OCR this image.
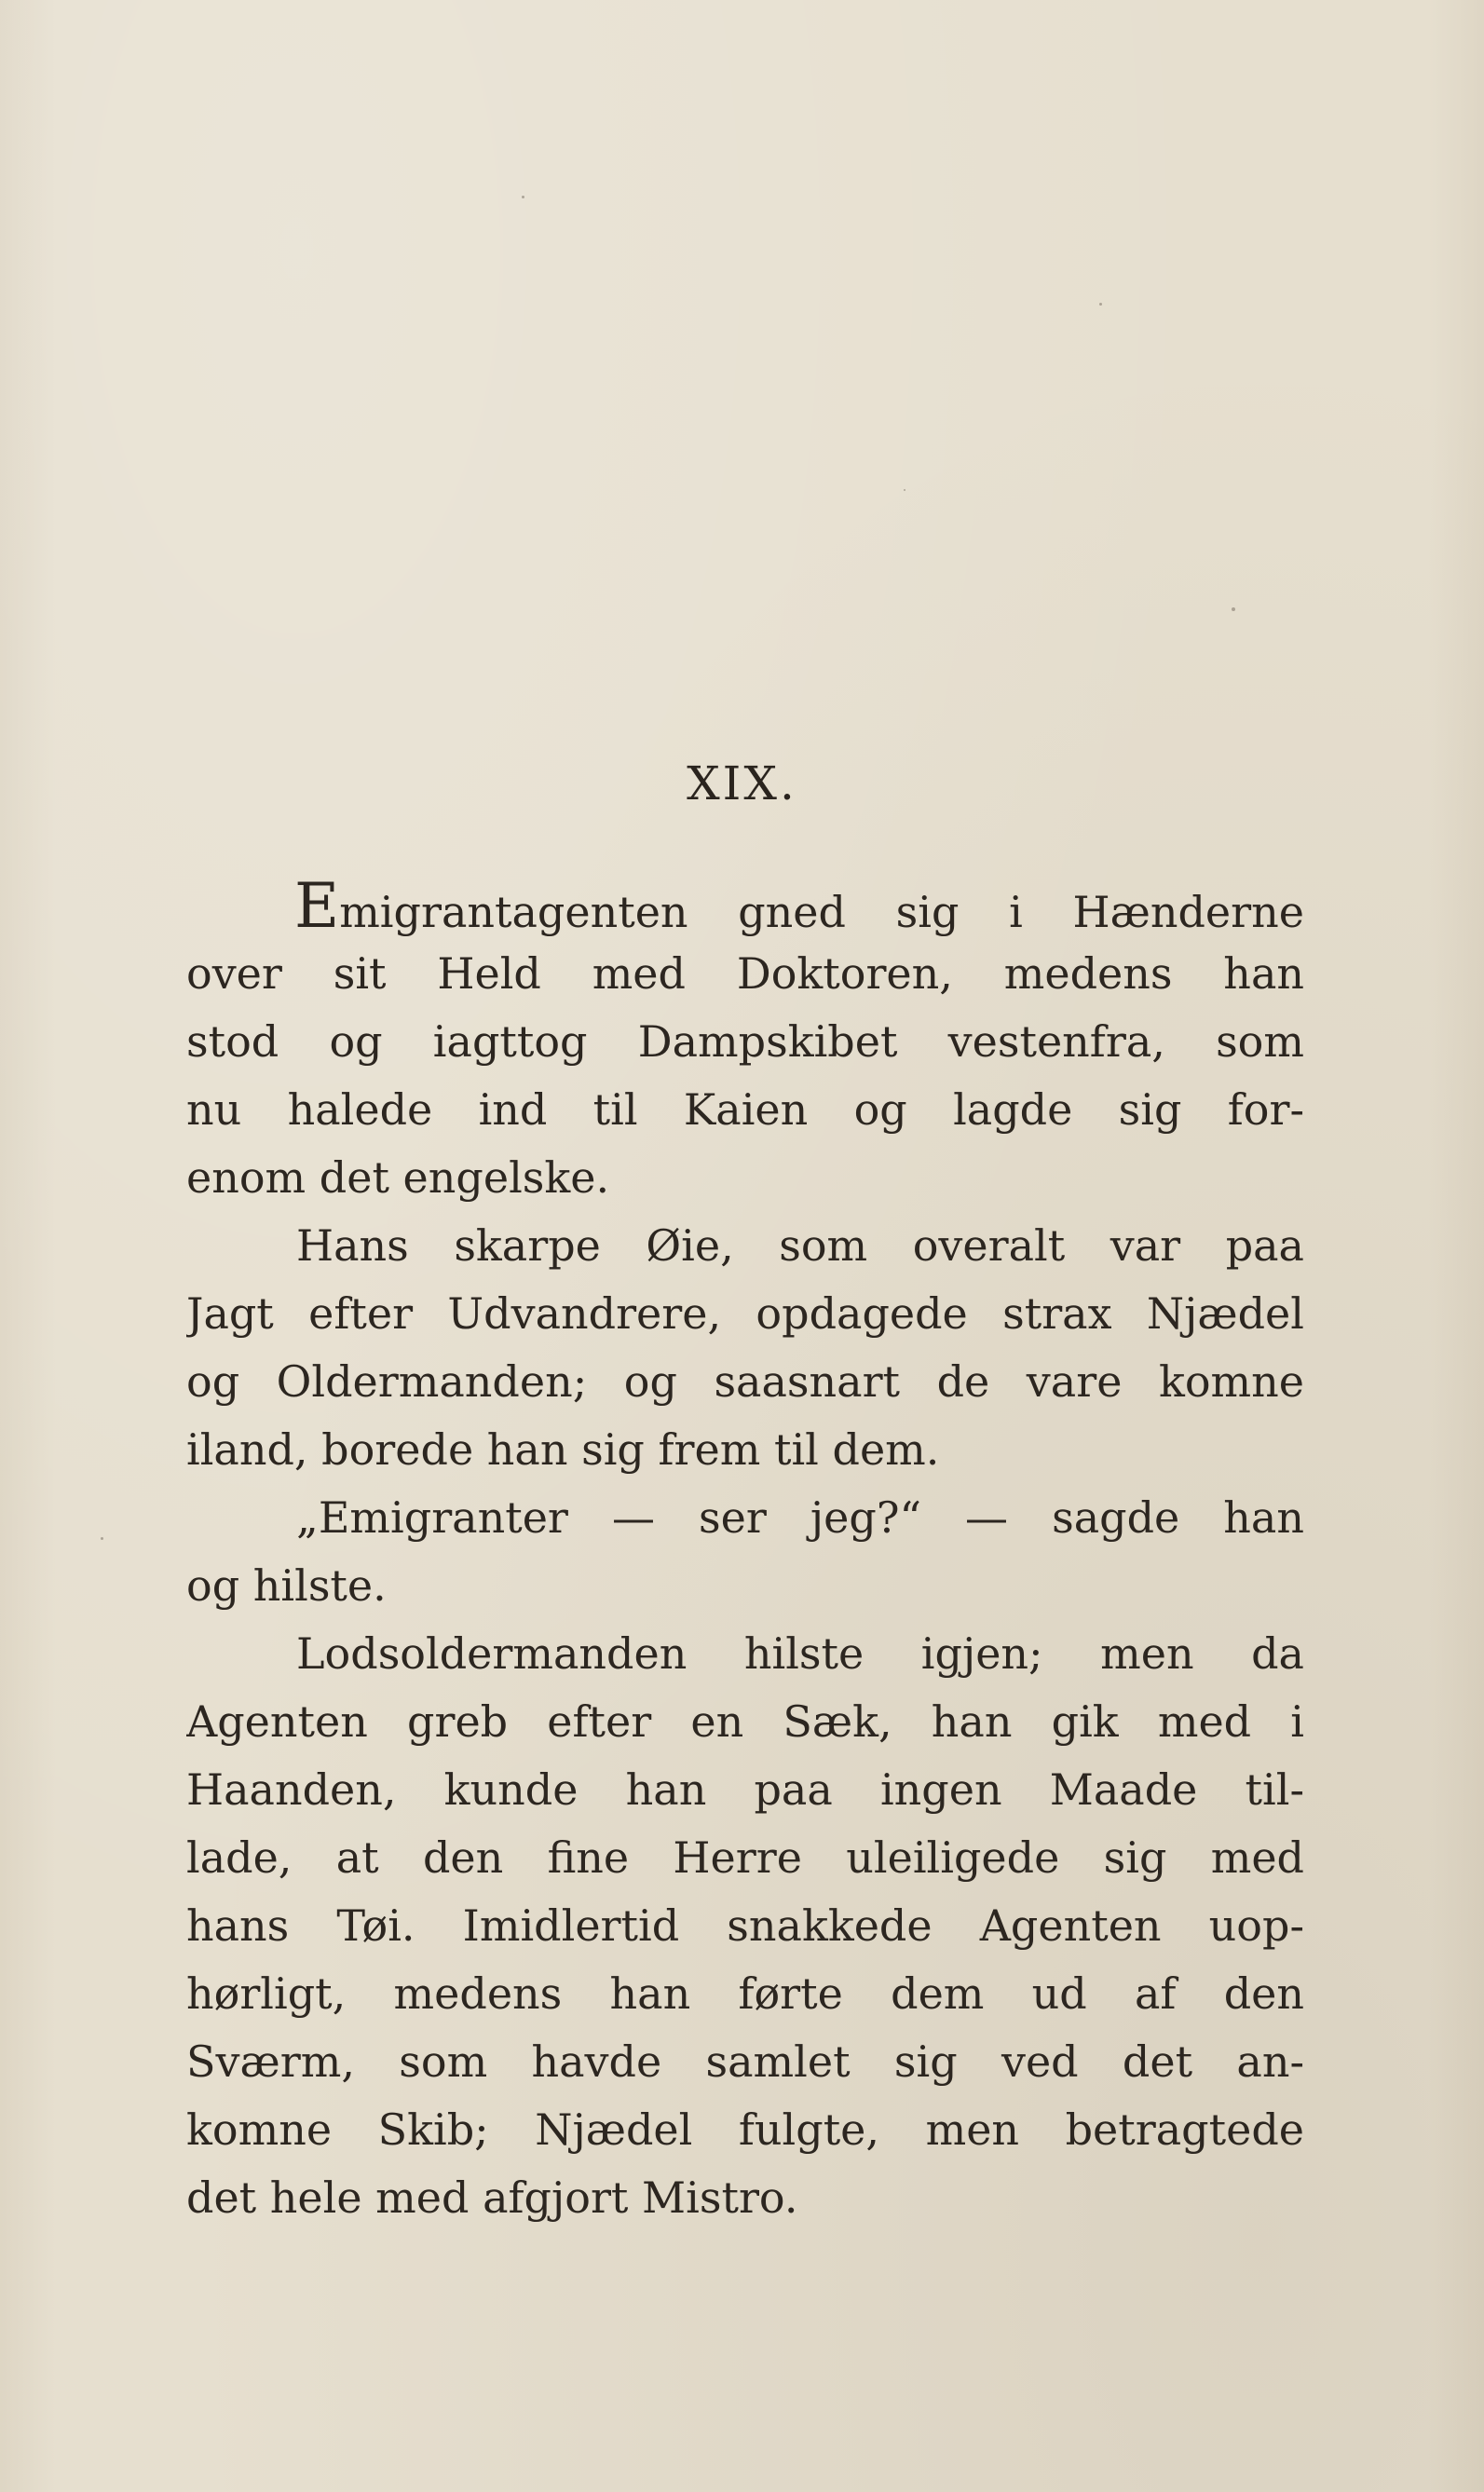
XIX.
Emigrantagenten gned sig i Hænderne
over sit Held med Doktoren, medens han
stod og iagttog Dampskibet vestenfra, som
nu halede ind til Kaien og lagde sig for-
enom det engelske.
Hans skarpe Øie, som overalt var paa
Jagt efter Udvandrere, opdagede strax Njædel
og Oldermanden; og saasnart de vare komne
iland, borede han sig frem til dem.
„Emigranter — ser jeg?“ — sagde han
og hilste.
Lodsoldermanden hilste igjen; men da
Agenten greb efter en Sæk, han gik med i
Haanden, kunde han paa ingen Maade til-
lade, at den fine Herre uleiligede sig med
hans Tøi. Imidlertid snakkede Agenten uop-
hørligt, medens han førte dem ud af den
Sværm, som havde samlet sig ved det an-
komne Skib; Njædel fulgte, men betragtede
det hele med afgjort Mistro.
